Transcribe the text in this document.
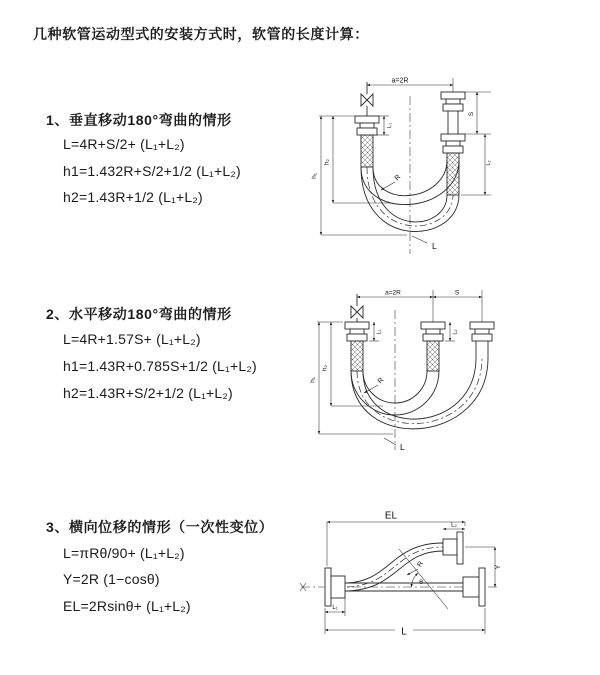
几种软管运动型式的安装方式时，软管的长度计算：
1、垂直移动180°弯曲的情形
L=4R+S/2+ (L₁+L₂)
h1=1.432R+S/2+1/2 (L₁+L₂)
h2=1.43R+1/2 (L₁+L₂)
2、水平移动180°弯曲的情形
L=4R+1.57S+ (L₁+L₂)
h1=1.43R+0.785S+1/2 (L₁+L₂)
h2=1.43R+S/2+1/2 (L₁+L₂)
3、横向位移的情形（一次性变位）
L=πRθ/90+ (L₁+L₂)
Y=2R (1−cosθ)
EL=2Rsinθ+ (L₁+L₂)
a=2R
h₁
h₂
L₁
S
L₂
R
L
a=2R	S
h₁
h₂
L₁	L₂
R
L
θ
EL
L₂
Y
R
L₁
L
